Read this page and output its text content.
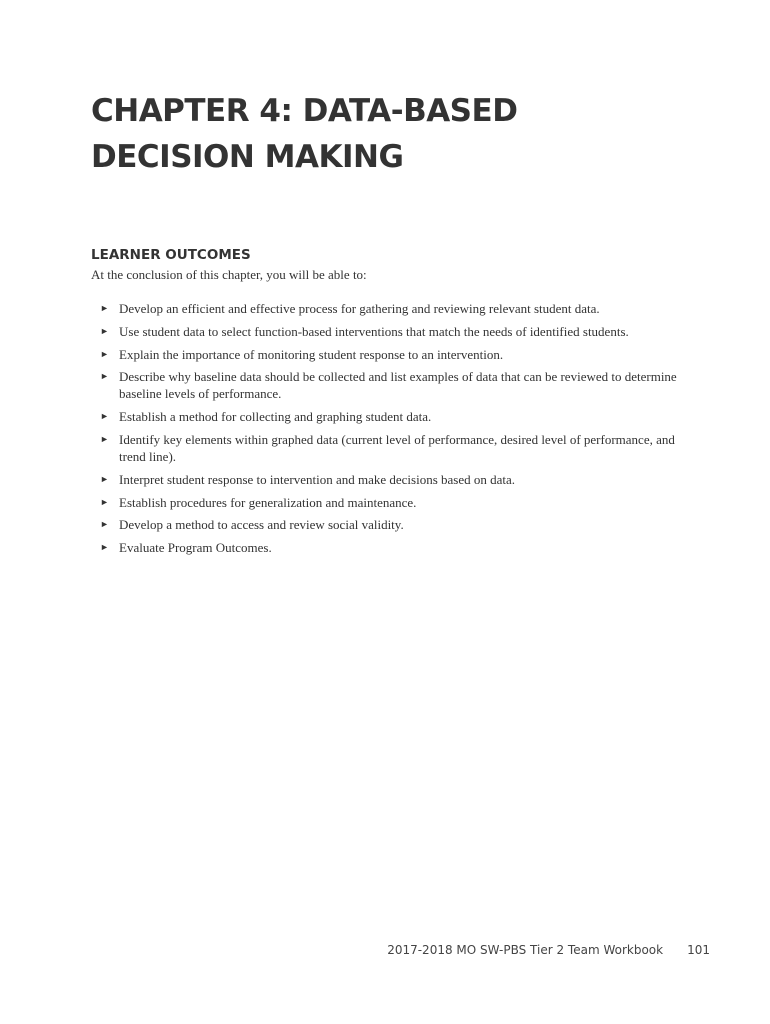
CHAPTER 4: DATA-BASED
DECISION MAKING
LEARNER OUTCOMES

At the conclusion of this chapter, you will be able to:

► Develop an efficient and effective process for gathering and reviewing relevant student data.
► Use student data to select function-based interventions that match the needs of identified students.
► Explain the importance of monitoring student response to an intervention.
► Describe why baseline data should be collected and list examples of data that can be reviewed to determine baseline levels of performance.
► Establish a method for collecting and graphing student data.
► Identify key elements within graphed data (current level of performance, desired level of performance, and trend line).
► Interpret student response to intervention and make decisions based on data.
► Establish procedures for generalization and maintenance.
► Develop a method to access and review social validity.
► Evaluate Program Outcomes.
2017-2018 MO SW-PBS Tier 2 Team Workbook 101
